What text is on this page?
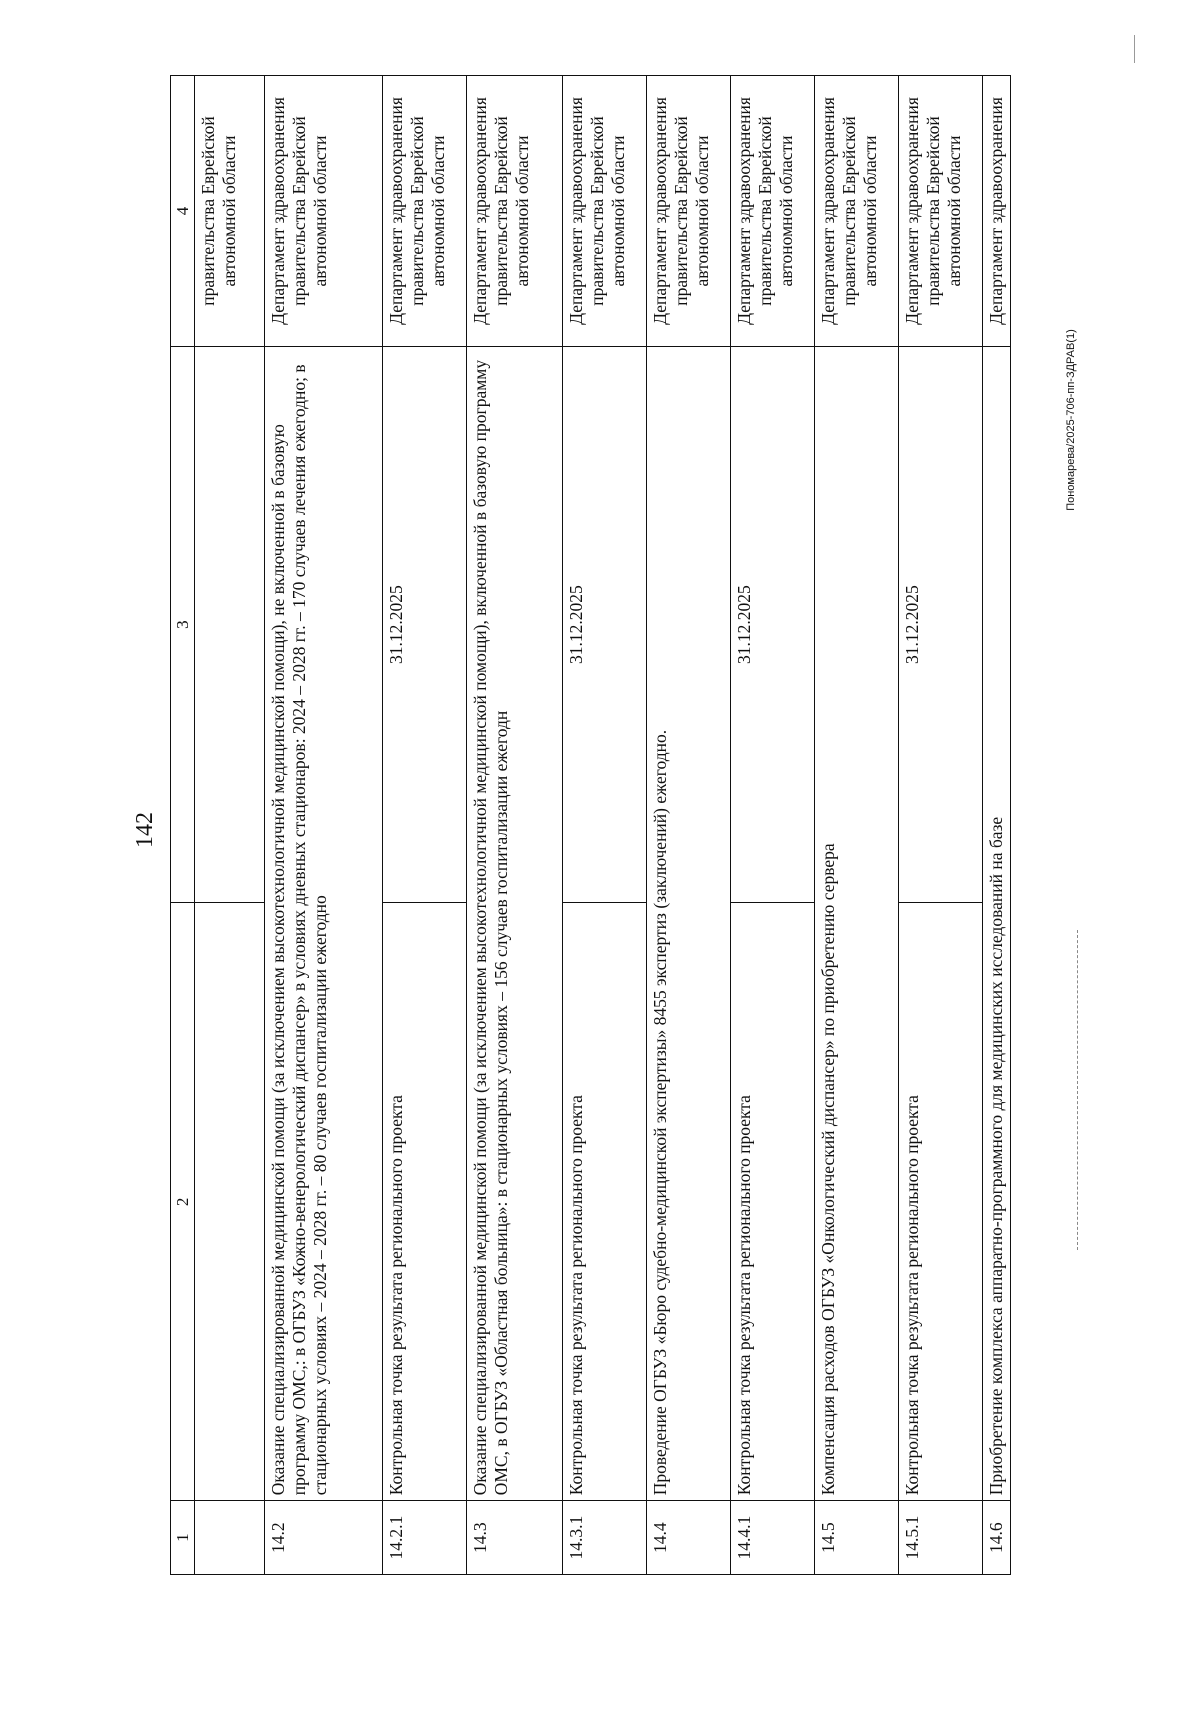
142
Пономарева/2025-706-пп-ЗДРАВ(1)
1	2	3	4
			правительства Еврейской автономной области
14.2	Оказание специализированной медицинской помощи (за исключением высокотехнологичной медицинской помощи), не включенной в базовую программу ОМС,: в ОГБУЗ «Кожно-венерологический диспансер» в условиях дневных стационаров: 2024 – 2028 гг. – 170 случаев лечения ежегодно; в стационарных условиях – 2024 – 2028 гг. – 80 случаев госпитализации ежегодно		Департамент здравоохранения правительства Еврейской автономной области
14.2.1	Контрольная точка результата регионального проекта	31.12.2025	Департамент здравоохранения правительства Еврейской автономной области
14.3	Оказание специализированной медицинской помощи (за исключением высокотехнологичной медицинской помощи), включенной в базовую программу ОМС, в ОГБУЗ «Областная больница»: в стационарных условиях – 156 случаев госпитализации ежегодн		Департамент здравоохранения правительства Еврейской автономной области
14.3.1	Контрольная точка результата регионального проекта	31.12.2025	Департамент здравоохранения правительства Еврейской автономной области
14.4	Проведение ОГБУЗ «Бюро судебно-медицинской экспертизы» 8455 экспертиз (заключений) ежегодно.		Департамент здравоохранения правительства Еврейской автономной области
14.4.1	Контрольная точка результата регионального проекта	31.12.2025	Департамент здравоохранения правительства Еврейской автономной области
14.5	Компенсация расходов ОГБУЗ «Онкологический диспансер» по приобретению сервера		Департамент здравоохранения правительства Еврейской автономной области
14.5.1	Контрольная точка результата регионального проекта	31.12.2025	Департамент здравоохранения правительства Еврейской автономной области
14.6	Приобретение комплекса аппаратно-программного для медицинских исследований на базе		Департамент здравоохранения
